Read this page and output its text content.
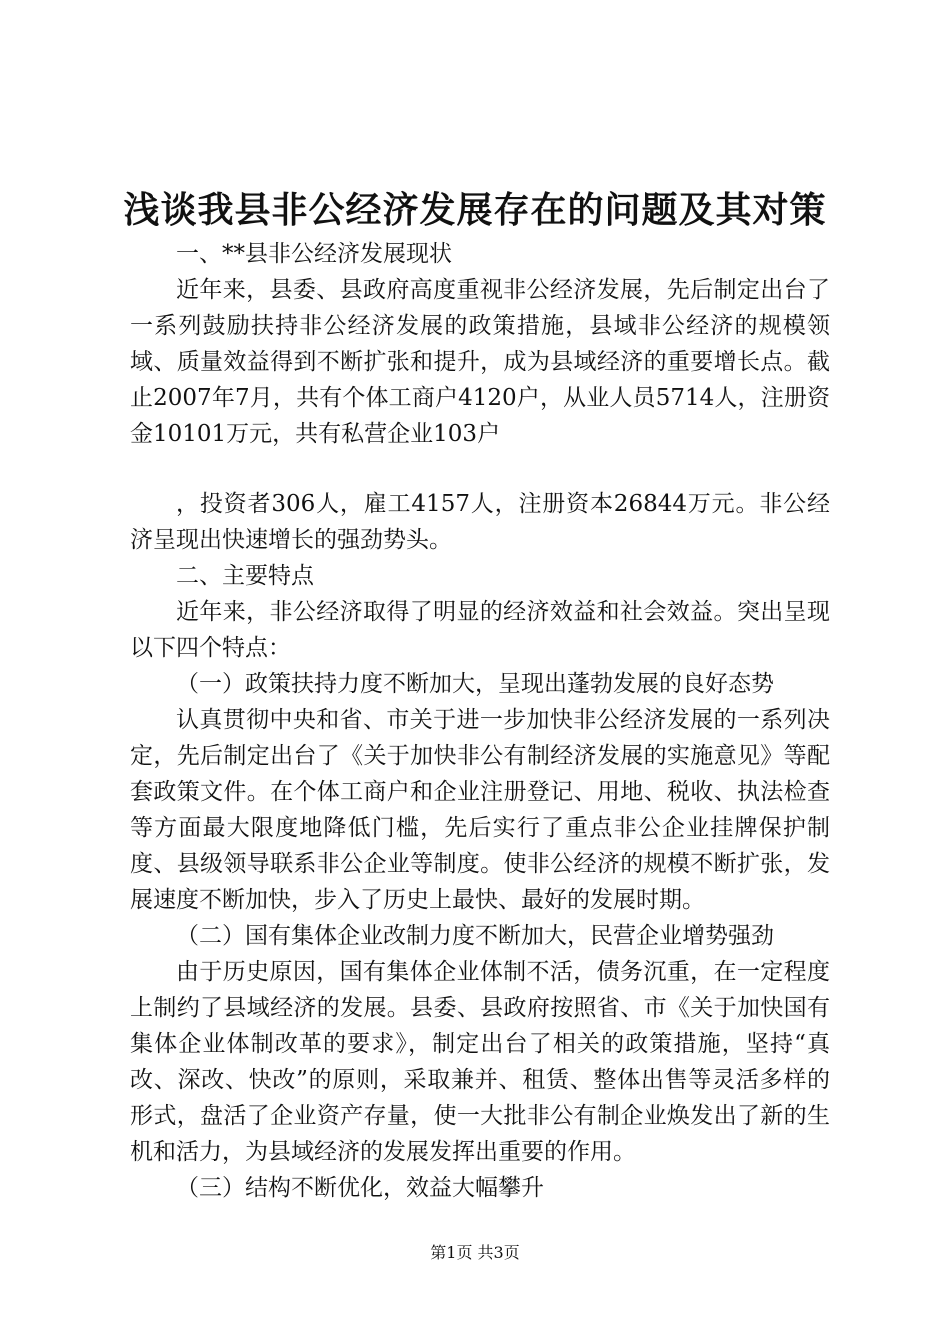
浅谈我县非公经济发展存在的问题及其对策

一、**县非公经济发展现状

近年来，县委、县政府高度重视非公经济发展，先后制定出台了一系列鼓励扶持非公经济发展的政策措施，县域非公经济的规模领域、质量效益得到不断扩张和提升，成为县域经济的重要增长点。截止2007年7月，共有个体工商户4120户，从业人员5714人，注册资金10101万元，共有私营企业103户

，投资者306人，雇工4157人，注册资本26844万元。非公经济呈现出快速增长的强劲势头。

二、主要特点

近年来，非公经济取得了明显的经济效益和社会效益。突出呈现以下四个特点：

（一）政策扶持力度不断加大，呈现出蓬勃发展的良好态势

认真贯彻中央和省、市关于进一步加快非公经济发展的一系列决定，先后制定出台了《关于加快非公有制经济发展的实施意见》等配套政策文件。在个体工商户和企业注册登记、用地、税收、执法检查等方面最大限度地降低门槛，先后实行了重点非公企业挂牌保护制度、县级领导联系非公企业等制度。使非公经济的规模不断扩张，发展速度不断加快，步入了历史上最快、最好的发展时期。

（二）国有集体企业改制力度不断加大，民营企业增势强劲

由于历史原因，国有集体企业体制不活，债务沉重，在一定程度上制约了县域经济的发展。县委、县政府按照省、市《关于加快国有集体企业体制改革的要求》，制定出台了相关的政策措施，坚持“真改、深改、快改”的原则，采取兼并、租赁、整体出售等灵活多样的形式，盘活了企业资产存量，使一大批非公有制企业焕发出了新的生机和活力，为县域经济的发展发挥出重要的作用。

（三）结构不断优化，效益大幅攀升

第1页 共3页
